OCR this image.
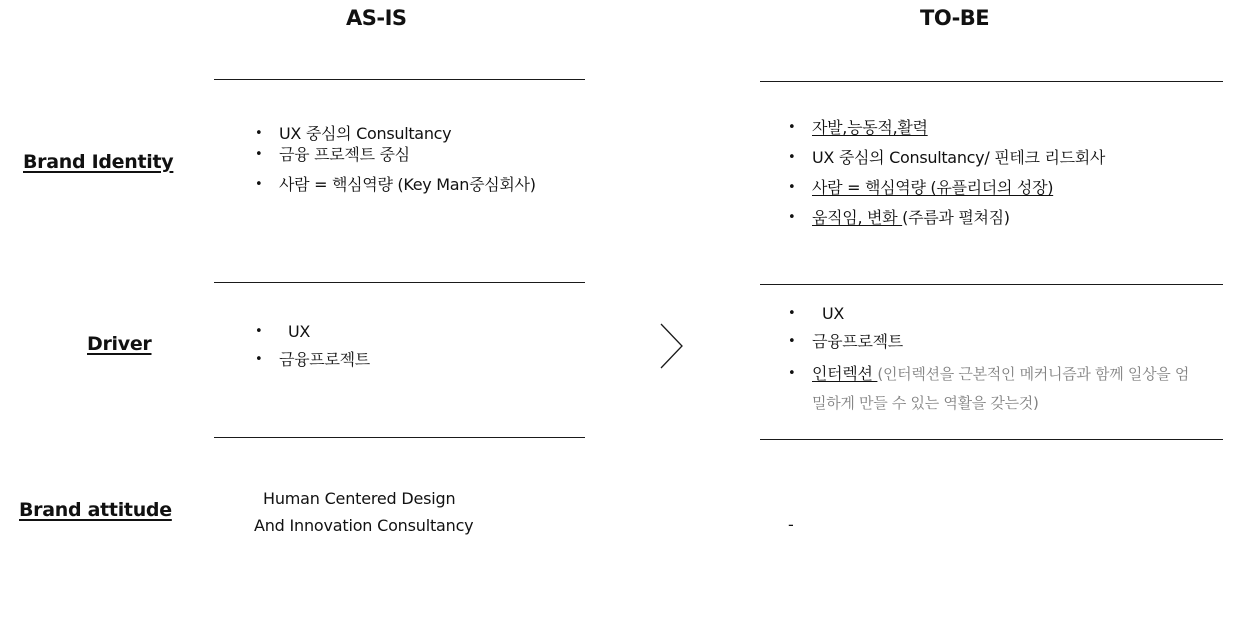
AS-IS	TO-BE
Brand Identity
Driver
Brand attitude
• UX 중심의 Consultancy
• 금융 프로젝트 중심
• 사람 = 핵심역량 (Key Man중심회사)
• UX
• 금융프로젝트
Human Centered Design
And Innovation Consultancy
• 자발,능동적,활력
• UX 중심의 Consultancy/ 핀테크 리드회사
• 사람 = 핵심역량 (유플리더의 성장)
• 움직임, 변화 (주름과 펼쳐짐)
• UX
• 금융프로젝트
• 인터렉션 (인터렉션을 근본적인 메커니즘과 함께 일상을 엄
밀하게 만들 수 있는 역활을 갖는것)
-
